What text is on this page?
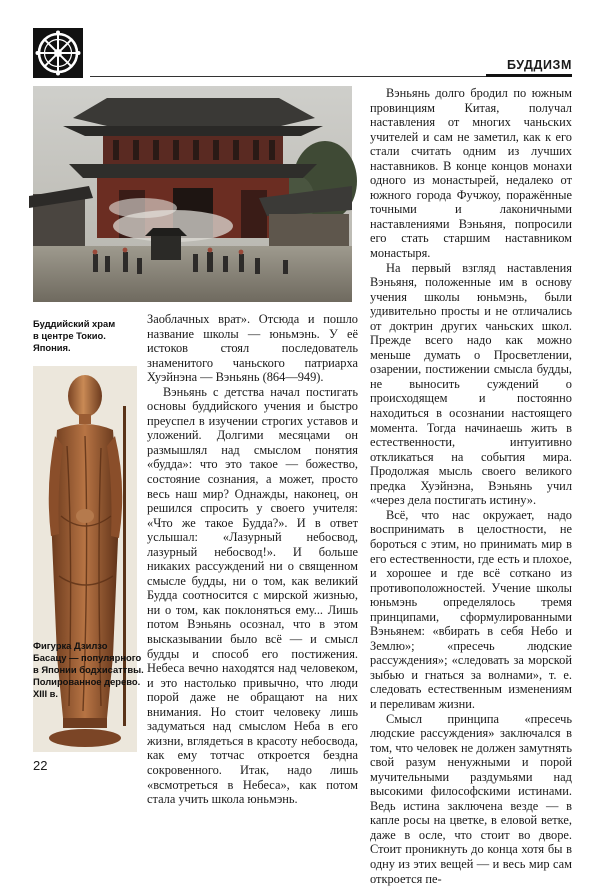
БУДДИЗМ
Буддийский храм
в центре Токио.
Япония.
Фигурка Дзилзо
Басацу — популярного
в Японии бодхисаттвы.
Полированное дерево.
XIII в.

Заоблачных врат». Отсюда и пошло название школы — юньмэнь. У её истоков стоял последователь знаменитого чаньского патриарха Хуэйнэна — Вэньянь (864—949).

Вэньянь с детства начал постигать основы буддийского учения и быстро преуспел в изучении строгих уставов и уложений. Долгими месяцами он размышлял над смыслом понятия «будда»: что это такое — божество, состояние сознания, а может, просто весь наш мир? Однажды, наконец, он решился спросить у своего учителя: «Что же такое Будда?». И в ответ услышал: «Лазурный небосвод, лазурный небосвод!». И больше никаких рассуждений ни о священном смысле будды, ни о том, как великий Будда соотносится с мирской жизнью, ни о том, как поклоняться ему... Лишь потом Вэньянь осознал, что в этом высказывании было всё — и смысл будды и способ его постижения. Небеса вечно находятся над человеком, и это настолько привычно, что люди порой даже не обращают на них внимания. Но стоит человеку лишь задуматься над смыслом Неба в его жизни, вглядеться в красоту небосвода, как ему тотчас откроется бездна сокровенного. Итак, надо лишь «всмотреться в Небеса», как потом стала учить школа юньмэнь.

Вэньянь долго бродил по южным провинциям Китая, получал наставления от многих чаньских учителей и сам не заметил, как к его стали считать одним из лучших наставников. В конце концов монахи одного из монастырей, недалеко от южного города Фучжоу, поражённые точными и лаконичными наставлениями Вэньяня, попросили его стать старшим наставником монастыря.

На первый взгляд наставления Вэньяня, положенные им в основу учения школы юньмэнь, были удивительно просты и не отличались от доктрин других чаньских школ. Прежде всего надо как можно меньше думать о Просветлении, озарении, постижении смысла будды, не выносить суждений о происходящем и постоянно находиться в осознании настоящего момента. Тогда начинаешь жить в естественности, интуитивно откликаться на события мира. Продолжая мысль своего великого предка Хуэйнэна, Вэньянь учил «через дела постигать истину».

Всё, что нас окружает, надо воспринимать в целостности, не бороться с этим, но принимать мир в его естественности, где есть и плохое, и хорошее и где всё соткано из противоположностей. Учение школы юньмэнь определялось тремя принципами, сформулированными Вэньянем: «вбирать в себя Небо и Землю»; «пресечь людские рассуждения»; «следовать за морской зыбью и гнаться за волнами», т. е. следовать естественным изменениям и переливам жизни.

Смысл принципа «пресечь людские рассуждения» заключался в том, что человек не должен замутнять свой разум ненужными и порой мучительными раздумьями над высокими философскими истинами. Ведь истина заключена везде — в капле росы на цветке, в еловой ветке, даже в осле, что стоит во дворе. Стоит проникнуть до конца хотя бы в одну из этих вещей — и весь мир сам откроется пе-

22
